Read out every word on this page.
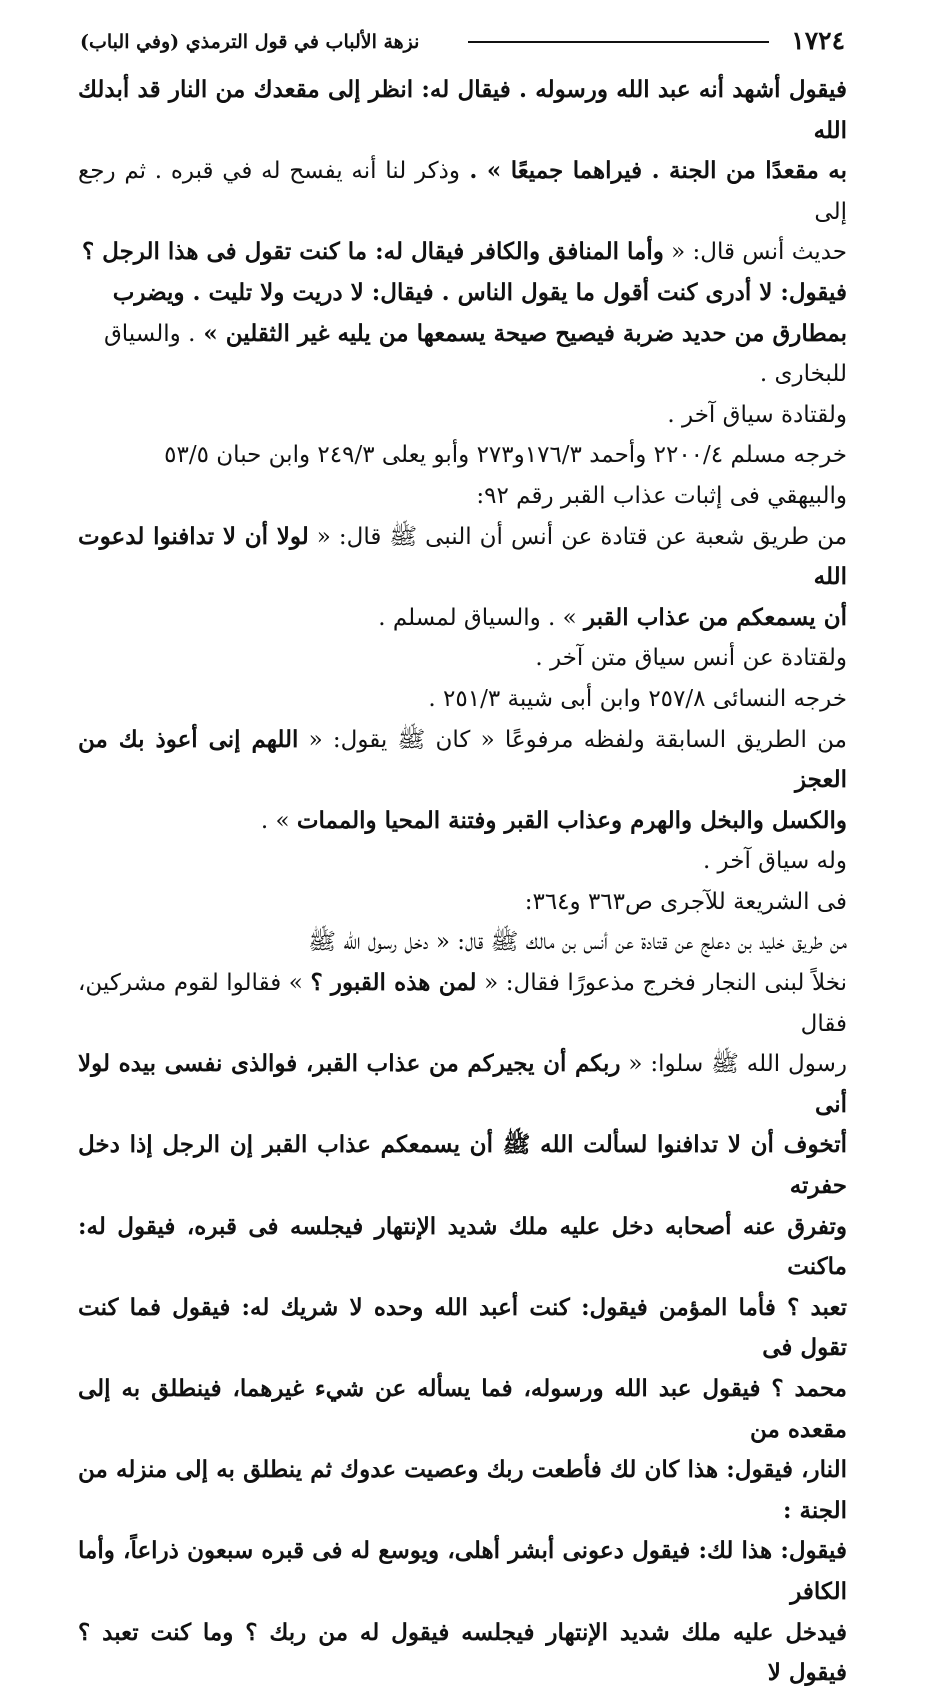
١٧٢٤
نزهة الألباب في قول الترمذي (وفي الباب)

فيقول أشهد أنه عبد الله ورسوله . فيقال له: انظر إلى مقعدك من النار قد أبدلك الله
به مقعدًا من الجنة . فيراهما جميعًا » . وذكر لنا أنه يفسح له في قبره . ثم رجع إلى
حديث أنس قال: « وأما المنافق والكافر فيقال له: ما كنت تقول فى هذا الرجل ؟
فيقول: لا أدرى كنت أقول ما يقول الناس . فيقال: لا دريت ولا تليت . ويضرب
بمطارق من حديد ضربة فيصيح صيحة يسمعها من يليه غير الثقلين » . والسياق
للبخارى .

ولقتادة سياق آخر .

خرجه مسلم ٢٢٠٠/٤ وأحمد ١٧٦/٣و٢٧٣ وأبو يعلى ٢٤٩/٣ وابن حبان ٥٣/٥
والبيهقي فى إثبات عذاب القبر رقم ٩٢:

من طريق شعبة عن قتادة عن أنس أن النبى ﷺ قال: « لولا أن لا تدافنوا لدعوت الله
أن يسمعكم من عذاب القبر » . والسياق لمسلم .

ولقتادة عن أنس سياق متن آخر .

خرجه النسائى ٢٥٧/٨ وابن أبى شيبة ٢٥١/٣ .

من الطريق السابقة ولفظه مرفوعًا « كان ﷺ يقول: « اللهم إنى أعوذ بك من العجز
والكسل والبخل والهرم وعذاب القبر وفتنة المحيا والممات » .

وله سياق آخر .

فى الشريعة للآجرى ص٣٦٣ و٣٦٤:

من طريق خليد بن دعلج عن قتادة عن أنس بن مالك ﷺ قال: « دخل رسول الله ﷺ
نخلاً لبنى النجار فخرج مذعورًا فقال: « لمن هذه القبور ؟ » فقالوا لقوم مشركين، فقال
رسول الله ﷺ سلوا: « ربكم أن يجيركم من عذاب القبر، فوالذى نفسى بيده لولا أنى
أتخوف أن لا تدافنوا لسألت الله ﷺ أن يسمعكم عذاب القبر إن الرجل إذا دخل حفرته
وتفرق عنه أصحابه دخل عليه ملك شديد الإنتهار فيجلسه فى قبره، فيقول له: ماكنت
تعبد ؟ فأما المؤمن فيقول: كنت أعبد الله وحده لا شريك له: فيقول فما كنت تقول فى
محمد ؟ فيقول عبد الله ورسوله، فما يسأله عن شيء غيرهما، فينطلق به إلى مقعده من
النار، فيقول: هذا كان لك فأطعت ربك وعصيت عدوك ثم ينطلق به إلى منزله من الجنة :
فيقول: هذا لك: فيقول دعونى أبشر أهلى، ويوسع له فى قبره سبعون ذراعاً، وأما الكافر
فيدخل عليه ملك شديد الإنتهار فيجلسه فيقول له من ربك ؟ وما كنت تعبد ؟ فيقول لا
